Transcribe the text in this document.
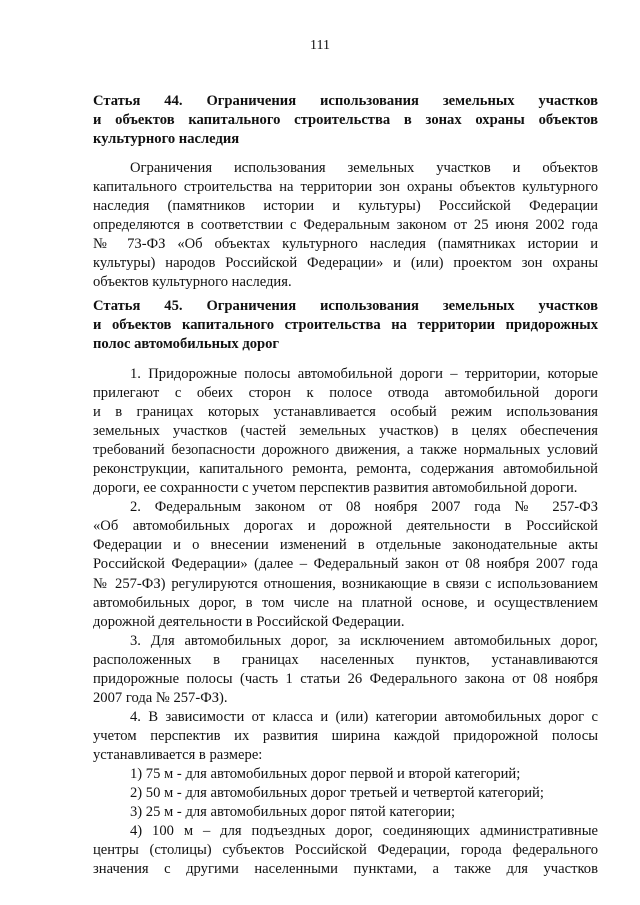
111
Статья 44. Ограничения использования земельных участков
и объектов капитального строительства в зонах охраны объектов
культурного наследия
Ограничения использования земельных участков и объектов
капитального строительства на территории зон охраны объектов культурного
наследия (памятников истории и культуры) Российской Федерации
определяются в соответствии с Федеральным законом от 25 июня 2002 года
№ 73-ФЗ «Об объектах культурного наследия (памятниках истории и
культуры) народов Российской Федерации» и (или) проектом зон охраны
объектов культурного наследия.
Статья 45. Ограничения использования земельных участков
и объектов капитального строительства на территории придорожных
полос автомобильных дорог
1. Придорожные полосы автомобильной дороги – территории, которые
прилегают с обеих сторон к полосе отвода автомобильной дороги
и в границах которых устанавливается особый режим использования
земельных участков (частей земельных участков) в целях обеспечения
требований безопасности дорожного движения, а также нормальных условий
реконструкции, капитального ремонта, ремонта, содержания автомобильной
дороги, ее сохранности с учетом перспектив развития автомобильной дороги.
2. Федеральным законом от 08 ноября 2007 года № 257-ФЗ
«Об автомобильных дорогах и дорожной деятельности в Российской
Федерации и о внесении изменений в отдельные законодательные акты
Российской Федерации» (далее – Федеральный закон от 08 ноября 2007 года
№ 257-ФЗ) регулируются отношения, возникающие в связи с использованием
автомобильных дорог, в том числе на платной основе, и осуществлением
дорожной деятельности в Российской Федерации.
3. Для автомобильных дорог, за исключением автомобильных дорог,
расположенных в границах населенных пунктов, устанавливаются
придорожные полосы (часть 1 статьи 26 Федерального закона от 08 ноября
2007 года № 257-ФЗ).
4. В зависимости от класса и (или) категории автомобильных дорог с
учетом перспектив их развития ширина каждой придорожной полосы
устанавливается в размере:
1) 75 м - для автомобильных дорог первой и второй категорий;
2) 50 м - для автомобильных дорог третьей и четвертой категорий;
3) 25 м - для автомобильных дорог пятой категории;
4) 100 м – для подъездных дорог, соединяющих административные
центры (столицы) субъектов Российской Федерации, города федерального
значения с другими населенными пунктами, а также для участков
